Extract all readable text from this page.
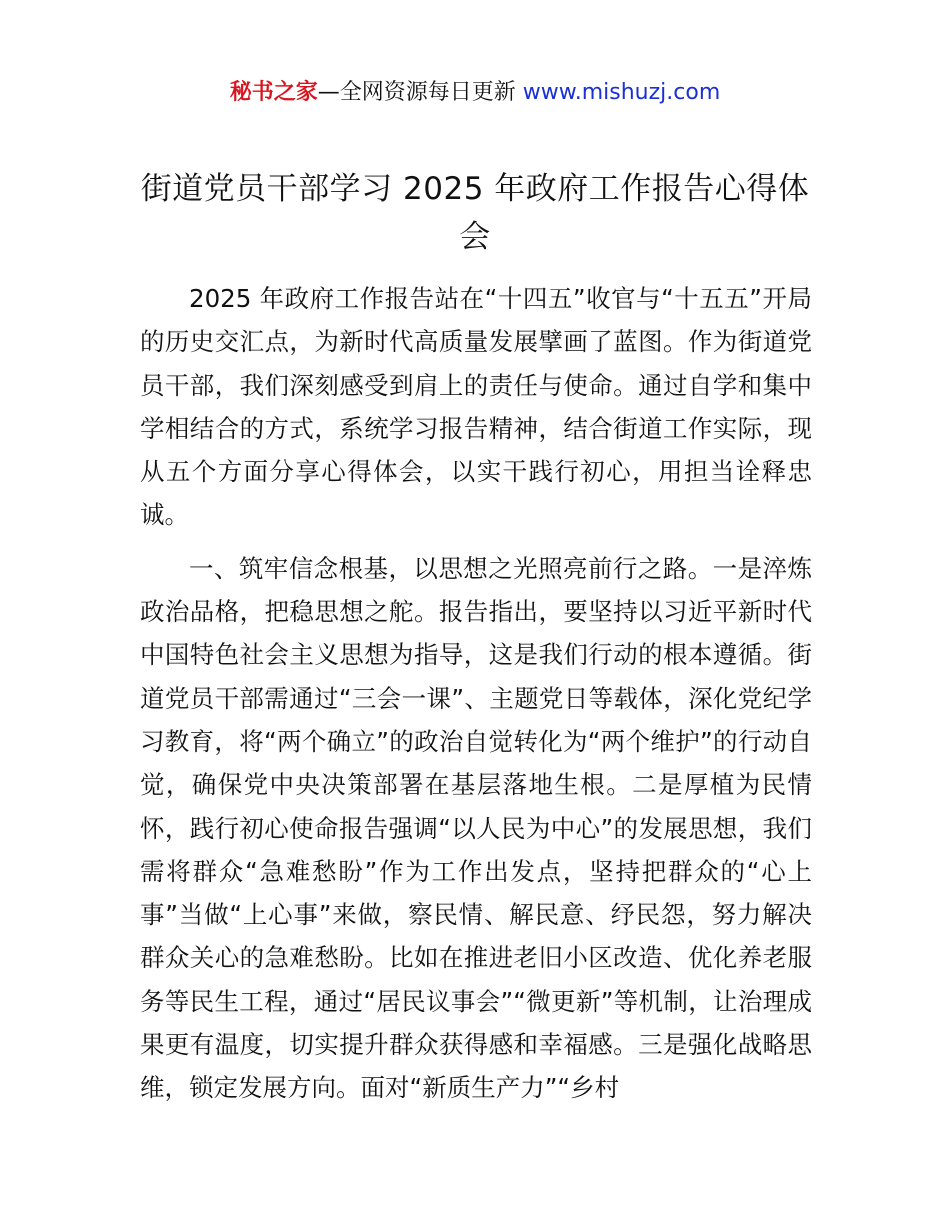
秘书之家—全网资源每日更新 www.mishuzj.com
街道党员干部学习 2025 年政府工作报告心得体会

2025 年政府工作报告站在“十四五”收官与“十五五”开局的历史交汇点，为新时代高质量发展擘画了蓝图。作为街道党员干部，我们深刻感受到肩上的责任与使命。通过自学和集中学相结合的方式，系统学习报告精神，结合街道工作实际，现从五个方面分享心得体会，以实干践行初心，用担当诠释忠诚。

一、筑牢信念根基，以思想之光照亮前行之路。一是淬炼政治品格，把稳思想之舵。报告指出，要坚持以习近平新时代中国特色社会主义思想为指导，这是我们行动的根本遵循。街道党员干部需通过“三会一课”、主题党日等载体，深化党纪学习教育，将“两个确立”的政治自觉转化为“两个维护”的行动自觉，确保党中央决策部署在基层落地生根。二是厚植为民情怀，践行初心使命报告强调“以人民为中心”的发展思想，我们需将群众“急难愁盼”作为工作出发点，坚持把群众的“心上事”当做“上心事”来做，察民情、解民意、纾民怨，努力解决群众关心的急难愁盼。比如在推进老旧小区改造、优化养老服务等民生工程，通过“居民议事会”“微更新”等机制，让治理成果更有温度，切实提升群众获得感和幸福感。三是强化战略思维，锁定发展方向。面对“新质生产力”“乡村
